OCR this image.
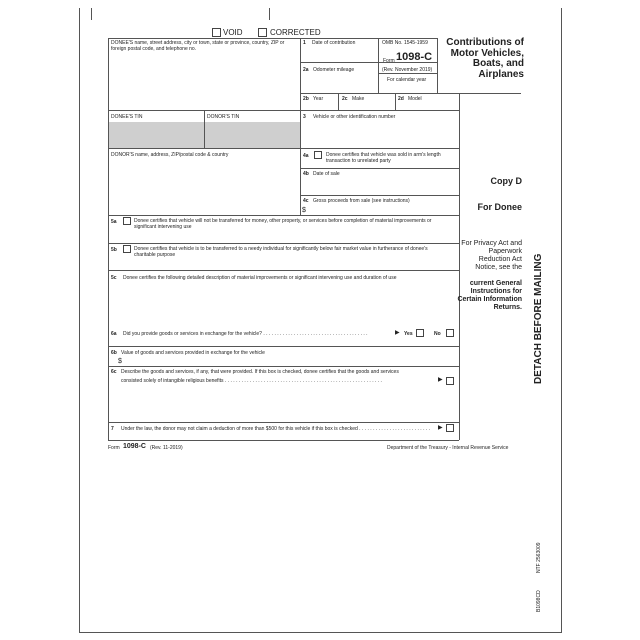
VOID	CORRECTED
DONEE'S name, street address, city or town, state or province, country, ZIP or foreign postal code, and telephone no.
1 Date of contribution	OMB No. 1545-1959
Form 1098-C
(Rev. November 2019)
For calendar year
2a Odometer mileage
2b Year	2c Make	2d Model
DONEE'S TIN	DONOR'S TIN	3 Vehicle or other identification number
DONOR'S name, address, ZIP/postal code & country	4a	Donee certifies that vehicle was sold in arm's length transaction to unrelated party
4b Date of sale
4c Gross proceeds from sale (see instructions)
$
5a	Donee certifies that vehicle will not be transferred for money, other property, or services before completion of material improvements or significant intervening use
5b	Donee certifies that vehicle is to be transferred to a needy individual for significantly below fair market value in furtherance of donee's charitable purpose
5c Donee certifies the following detailed description of material improvements or significant intervening use and duration of use
6a Did you provide goods or services in exchange for the vehicle? . . . . . . . . . . . . . . . . . . . . . . . . . . . . . . . . . . . . . .	▶ Yes	No
6b Value of goods and services provided in exchange for the vehicle
$
6c Describe the goods and services, if any, that were provided. If this box is checked, donee certifies that the goods and services
consisted solely of intangible religious benefits . . . . . . . . . . . . . . . . . . . . . . . . . . . . . . . . . . . . . . . . . . . . . . . . . . . . . . . . .	▶
7 Under the law, the donor may not claim a deduction of more than $500 for this vehicle if this box is checked . . . . . . . . . . . . . . . . . . . . . . . . . .	▶
Contributions of Motor Vehicles, Boats, and Airplanes
Copy D
For Donee
For Privacy Act and Paperwork Reduction Act Notice, see the
current General Instructions for Certain Information Returns.
Form 1098-C (Rev. 11-2019)	Department of the Treasury - Internal Revenue Service
DETACH BEFORE MAILING
NTF 2563009
B1098CD
